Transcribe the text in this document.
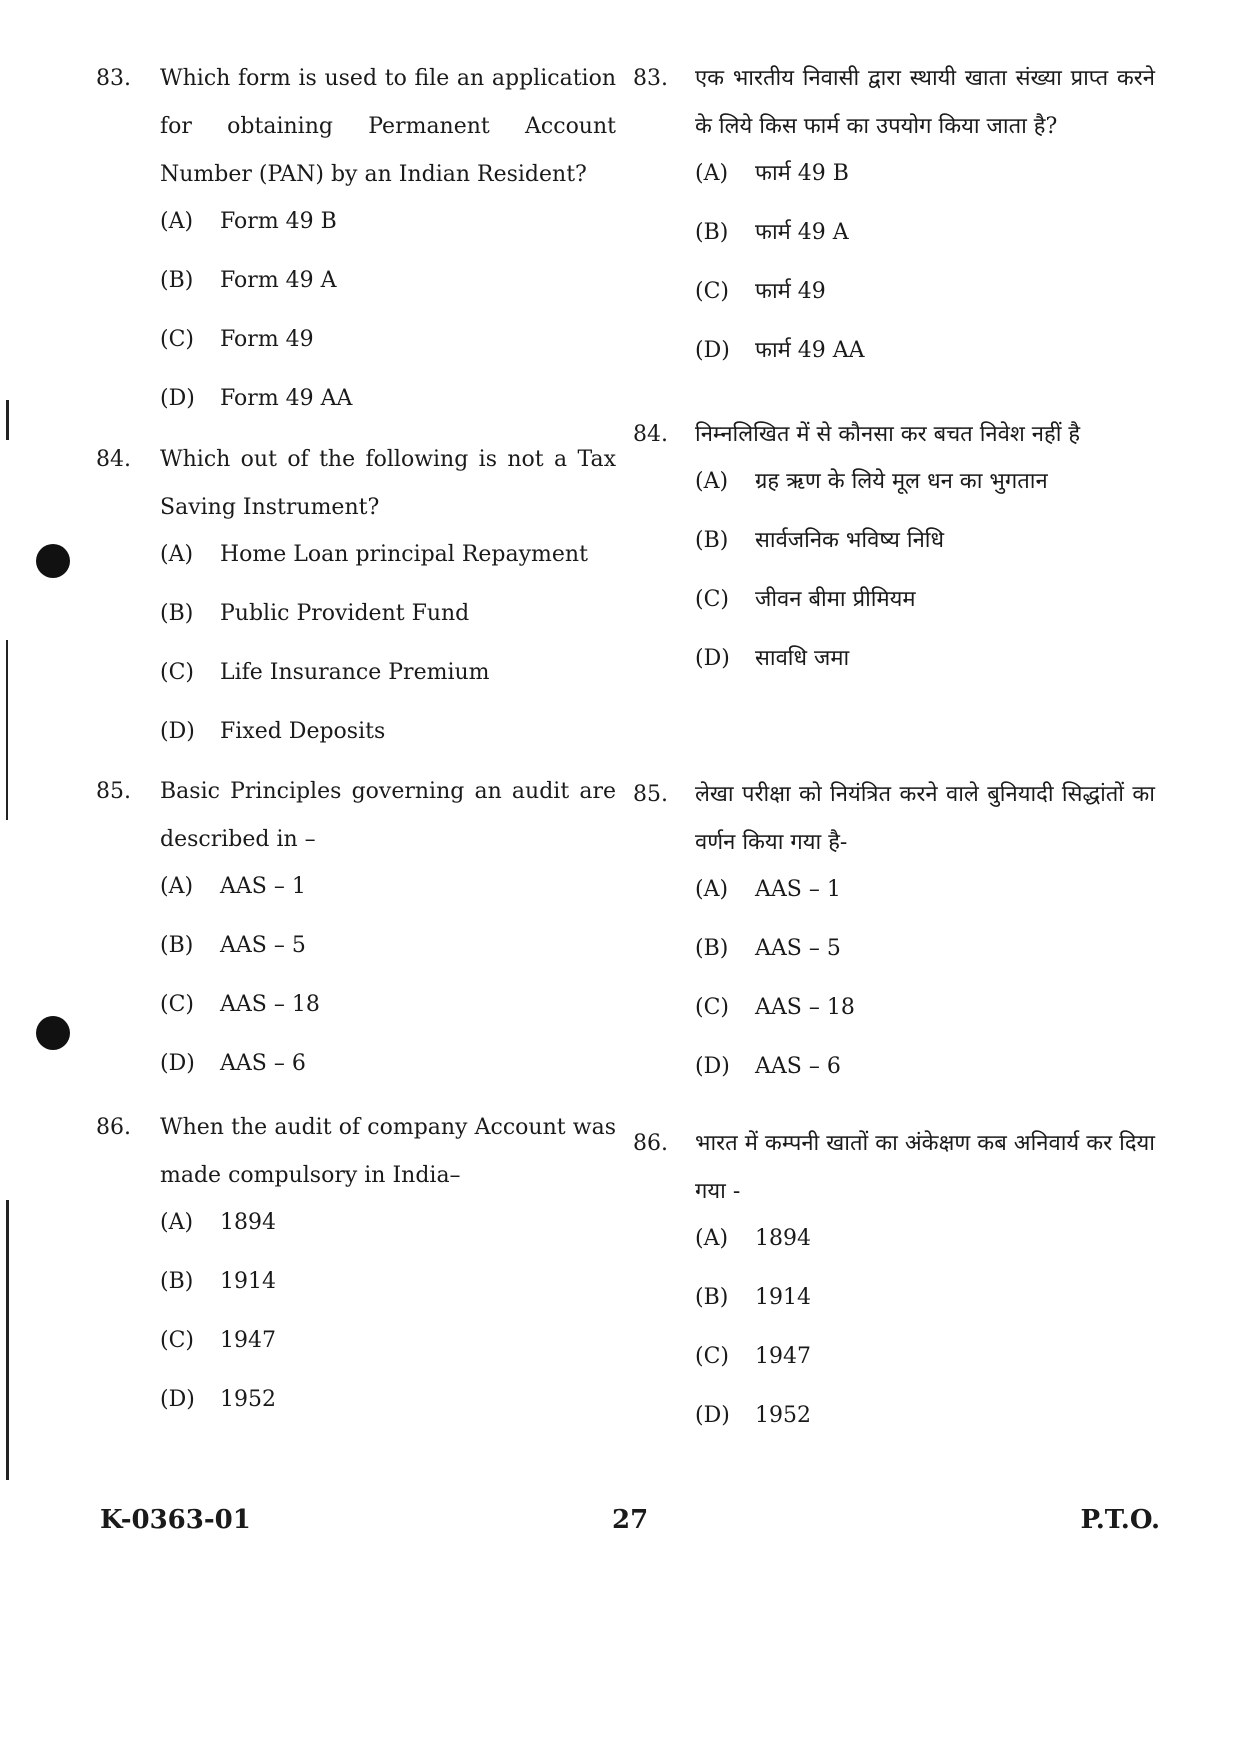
83. Which form is used to file an application for obtaining Permanent Account Number (PAN) by an Indian Resident?
(A)	Form 49 B
(B)	Form 49 A
(C)	Form 49
(D)	Form 49 AA
84. Which out of the following is not a Tax Saving Instrument?
(A)	Home Loan principal Repayment
(B)	Public Provident Fund
(C)	Life Insurance Premium
(D)	Fixed Deposits
85. Basic Principles governing an audit are described in –
(A)	AAS – 1
(B)	AAS – 5
(C)	AAS – 18
(D)	AAS – 6
86. When the audit of company Account was made compulsory in India–
(A)	1894
(B)	1914
(C)	1947
(D)	1952
83. एक भारतीय निवासी द्वारा स्थायी खाता संख्या प्राप्त करने के लिये किस फार्म का उपयोग किया जाता है?
(A)	फार्म 49 B
(B)	फार्म 49 A
(C)	फार्म 49
(D)	फार्म 49 AA
84. निम्नलिखित में से कौनसा कर बचत निवेश नहीं है
(A)	ग्रह ऋण के लिये मूल धन का भुगतान
(B)	सार्वजनिक भविष्य निधि
(C)	जीवन बीमा प्रीमियम
(D)	सावधि जमा
85. लेखा परीक्षा को नियंत्रित करने वाले बुनियादी सिद्धांतों का वर्णन किया गया है-
(A)	AAS – 1
(B)	AAS – 5
(C)	AAS – 18
(D)	AAS – 6
86. भारत में कम्पनी खातों का अंकेक्षण कब अनिवार्य कर दिया गया -
(A)	1894
(B)	1914
(C)	1947
(D)	1952
K-0363-01	27	P.T.O.
